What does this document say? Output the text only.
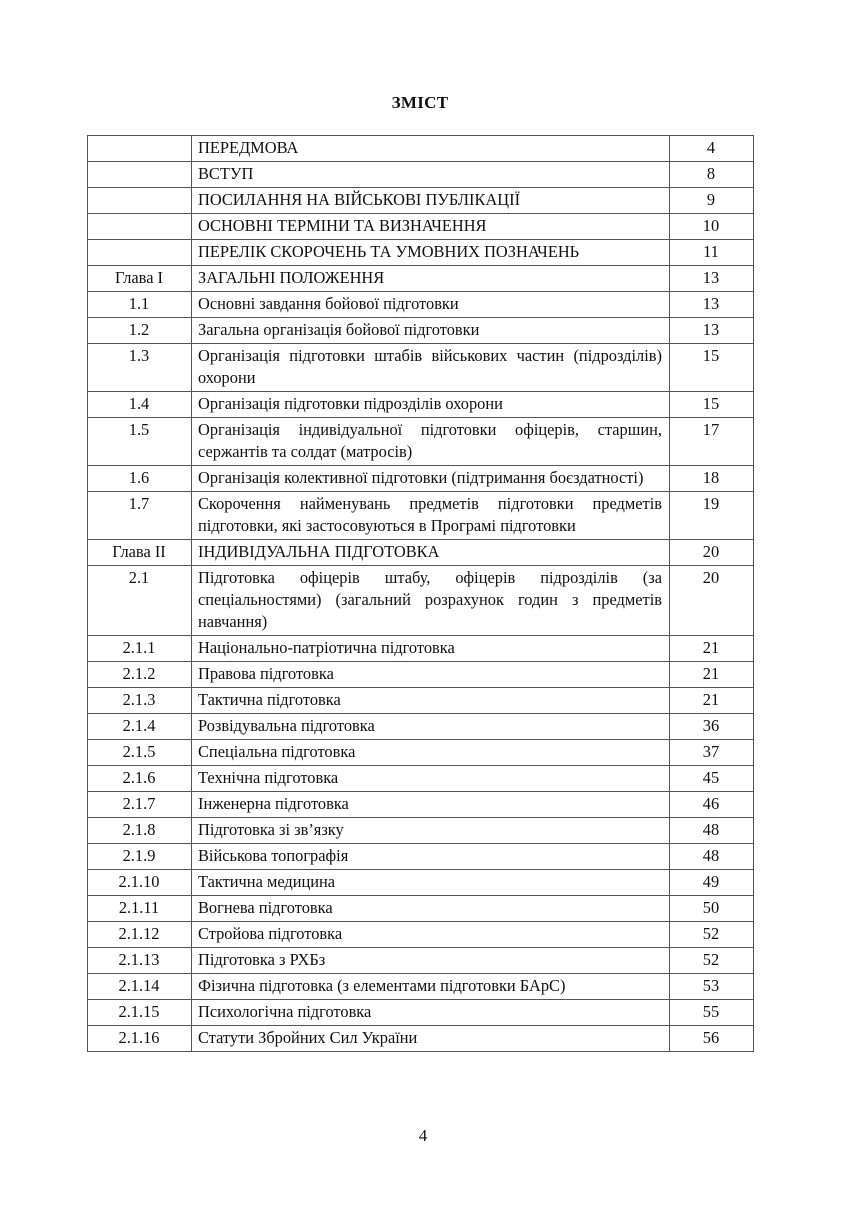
ЗМІСТ
	ПЕРЕДМОВА	4
	ВСТУП	8
	ПОСИЛАННЯ НА ВІЙСЬКОВІ ПУБЛІКАЦІЇ	9
	ОСНОВНІ ТЕРМІНИ ТА ВИЗНАЧЕННЯ	10
	ПЕРЕЛІК СКОРОЧЕНЬ ТА УМОВНИХ ПОЗНАЧЕНЬ	11
Глава I	ЗАГАЛЬНІ ПОЛОЖЕННЯ	13
1.1	Основні завдання бойової підготовки	13
1.2	Загальна організація бойової підготовки	13
1.3	Організація підготовки штабів військових частин (підрозділів) охорони	15
1.4	Організація підготовки підрозділів охорони	15
1.5	Організація індивідуальної підготовки офіцерів, старшин, сержантів та солдат (матросів)	17
1.6	Організація колективної підготовки (підтримання боєздатності)	18
1.7	Скорочення найменувань предметів підготовки предметів підготовки, які застосовуються в Програмі підготовки	19
Глава II	ІНДИВІДУАЛЬНА ПІДГОТОВКА	20
2.1	Підготовка офіцерів штабу, офіцерів підрозділів (за спеціальностями) (загальний розрахунок годин з предметів навчання)	20
2.1.1	Національно-патріотична підготовка	21
2.1.2	Правова підготовка	21
2.1.3	Тактична підготовка	21
2.1.4	Розвідувальна підготовка	36
2.1.5	Спеціальна підготовка	37
2.1.6	Технічна підготовка	45
2.1.7	Інженерна підготовка	46
2.1.8	Підготовка зі зв’язку	48
2.1.9	Військова топографія	48
2.1.10	Тактична медицина	49
2.1.11	Вогнева підготовка	50
2.1.12	Стройова підготовка	52
2.1.13	Підготовка з РХБз	52
2.1.14	Фізична підготовка (з елементами підготовки БАрС)	53
2.1.15	Психологічна підготовка	55
2.1.16	Статути Збройних Сил України	56
4
